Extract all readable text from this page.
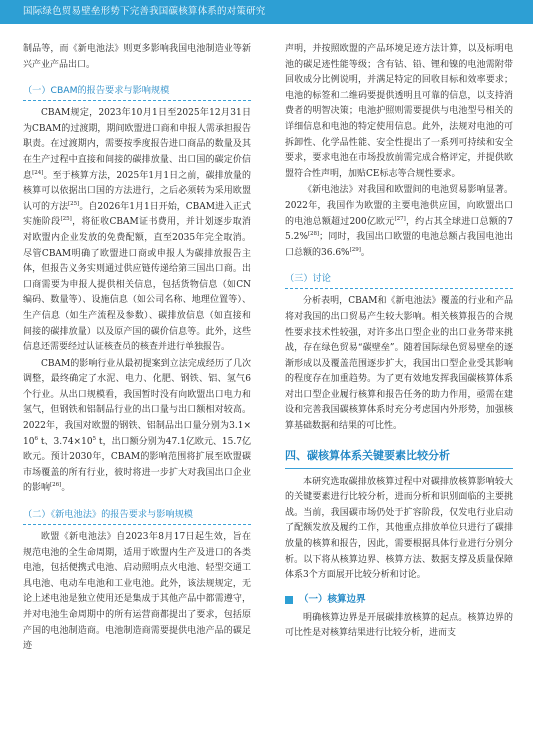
国际绿色贸易壁垒形势下完善我国碳核算体系的对策研究

制品等，而《新电池法》则更多影响我国电池制造业等新兴产业产品出口。

（一）CBAM的报告要求与影响规模

CBAM规定，2023年10月1日至2025年12月31日为CBAM的过渡期，期间欧盟进口商和申报人需承担报告职责。在过渡期内，需要按季度报告进口商品的数量及其在生产过程中直接和间接的碳排放量、出口国的碳定价信息[24]。至于核算方法，2025年1月1日之前，碳排放量的核算可以依据出口国的方法进行，之后必须转为采用欧盟认可的方法[25]。自2026年1月1日开始，CBAM进入正式实施阶段[25]，将征收CBAM证书费用，并计划逐步取消对欧盟内企业发放的免费配额，直至2035年完全取消。尽管CBAM明确了欧盟进口商或申报人为碳排放报告主体，但报告义务实则通过供应链传递给第三国出口商。出口商需要为申报人提供相关信息，包括货物信息（如CN编码、数量等）、设施信息（如公司名称、地理位置等）、生产信息（如生产流程及参数）、碳排放信息（如直接和间接的碳排放量）以及原产国的碳价信息等。此外，这些信息还需要经过认证核查员的核查并进行单独报告。

CBAM的影响行业从最初提案到立法完成经历了几次调整，最终确定了水泥、电力、化肥、钢铁、铝、氢气6个行业。从出口规模看，我国暂时没有向欧盟出口电力和氢气，但钢铁和铝制品行业的出口量与出口额相对较高。2022年，我国对欧盟的钢铁、铝制品出口量分别为$3.1\times 10^6$ t、$3.74\times 10^5$ t，出口额分别为47.1亿欧元、15.7亿欧元。预计2030年，CBAM的影响范围将扩展至欧盟碳市场覆盖的所有行业，彼时将进一步扩大对我国出口企业的影响[26]。

（二）《新电池法》的报告要求与影响规模

欧盟《新电池法》自2023年8月17日起生效，旨在规范电池的全生命周期，适用于欧盟内生产及进口的各类电池，包括便携式电池、启动照明点火电池、轻型交通工具电池、电动车电池和工业电池。此外，该法规规定，无论上述电池是独立使用还是集成于其他产品中都需遵守，并对电池生命周期中的所有运营商都提出了要求，包括原产国的电池制造商。电池制造商需要提供电池产品的碳足迹

声明，并按照欧盟的产品环境足迹方法计算，以及标明电池的碳足迹性能等级；含有钴、铅、锂和镍的电池需附带回收成分比例说明，并满足特定的回收目标和效率要求；电池的标签和二维码要提供透明且可靠的信息，以支持消费者的明智决策；电池护照则需要提供与电池型号相关的详细信息和电池的特定使用信息。此外，法规对电池的可拆卸性、化学品性能、安全性提出了一系列可持续和安全要求，要求电池在市场投放前需完成合格评定，并提供欧盟符合性声明，加贴CE标志等合规性要求。

《新电池法》对我国和欧盟间的电池贸易影响显著。2022年，我国作为欧盟的主要电池供应国，向欧盟出口的电池总额超过200亿欧元[27]，约占其全球进口总额的75.2%[28]；同时，我国出口欧盟的电池总额占我国电池出口总额的36.6%[29]。

（三）讨论

分析表明，CBAM和《新电池法》覆盖的行业和产品将对我国的出口贸易产生较大影响。相关核算报告的合规性要求技术性较强，对许多出口型企业的出口业务带来挑战，存在绿色贸易“碳壁垒”。随着国际绿色贸易壁垒的逐渐形成以及覆盖范围逐步扩大，我国出口型企业受其影响的程度存在加重趋势。为了更有效地发挥我国碳核算体系对出口型企业履行核算和报告任务的助力作用，亟需在建设和完善我国碳核算体系时充分考虑国内外形势，加强核算基础数据和结果的可比性。

四、碳核算体系关键要素比较分析

本研究选取碳排放核算过程中对碳排放核算影响较大的关键要素进行比较分析，进而分析和识别面临的主要挑战。当前，我国碳市场仍处于扩容阶段，仅发电行业启动了配额发放及履约工作，其他重点排放单位只进行了碳排放量的核算和报告，因此，需要根据具体行业进行分别分析。以下将从核算边界、核算方法、数据支撑及质量保障体系3个方面展开比较分析和讨论。

（一）核算边界

明确核算边界是开展碳排放核算的起点。核算边界的可比性是对核算结果进行比较分析，进而支
